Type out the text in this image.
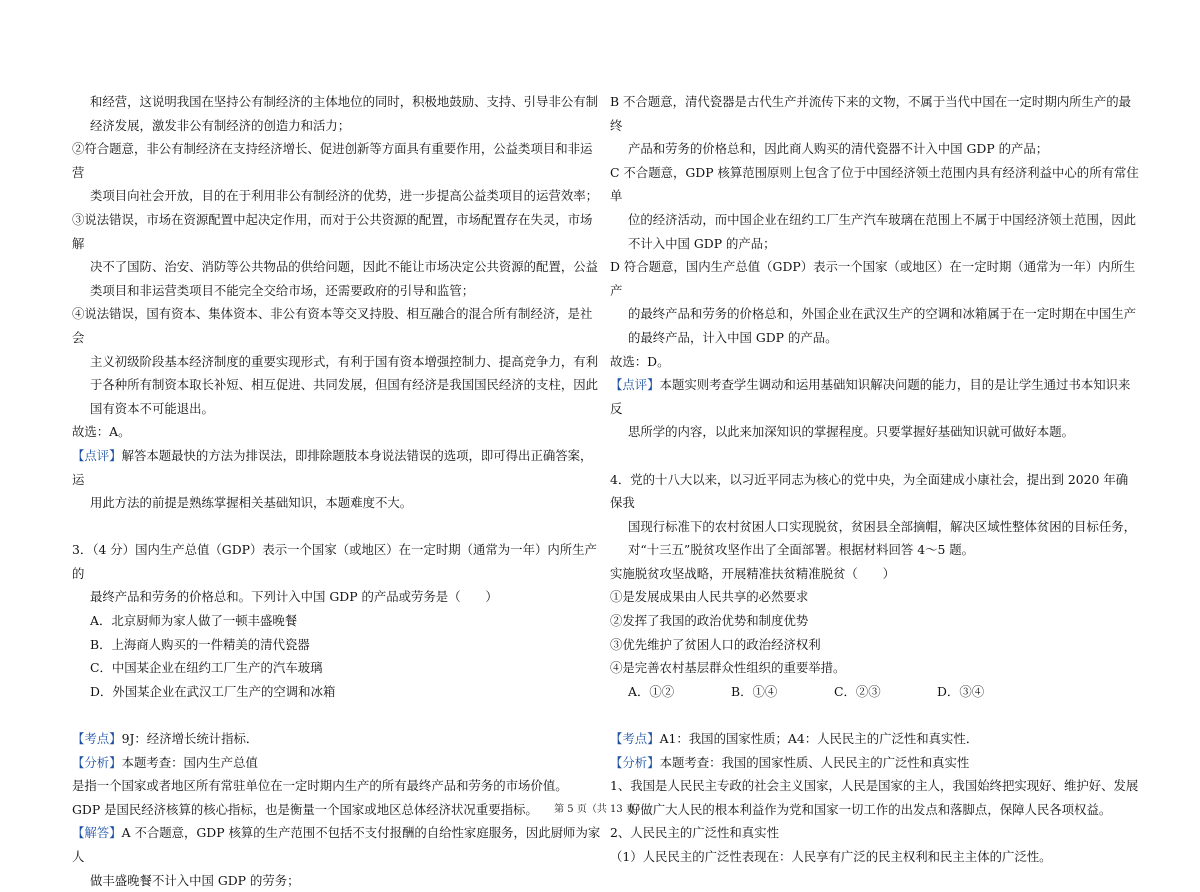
和经营，这说明我国在坚持公有制经济的主体地位的同时，积极地鼓励、支持、引导非公有制

经济发展，激发非公有制经济的创造力和活力；

②符合题意，非公有制经济在支持经济增长、促进创新等方面具有重要作用，公益类项目和非运营

类项目向社会开放，目的在于利用非公有制经济的优势，进一步提高公益类项目的运营效率；

③说法错误，市场在资源配置中起决定作用，而对于公共资源的配置，市场配置存在失灵，市场解

决不了国防、治安、消防等公共物品的供给问题，因此不能让市场决定公共资源的配置，公益

类项目和非运营类项目不能完全交给市场，还需要政府的引导和监管；

④说法错误，国有资本、集体资本、非公有资本等交叉持股、相互融合的混合所有制经济，是社会

主义初级阶段基本经济制度的重要实现形式，有利于国有资本增强控制力、提高竞争力，有利

于各种所有制资本取长补短、相互促进、共同发展，但国有经济是我国国民经济的支柱，因此

国有资本不可能退出。

故选：A。

【点评】解答本题最快的方法为排误法，即排除题肢本身说法错误的选项，即可得出正确答案，运

用此方法的前提是熟练掌握相关基础知识，本题难度不大。

3．（4 分）国内生产总值（GDP）表示一个国家（或地区）在一定时期（通常为一年）内所生产的

最终产品和劳务的价格总和。下列计入中国 GDP 的产品或劳务是（　　）

A．北京厨师为家人做了一顿丰盛晚餐

B．上海商人购买的一件精美的清代瓷器

C．中国某企业在纽约工厂生产的汽车玻璃

D．外国某企业在武汉工厂生产的空调和冰箱

【考点】9J：经济增长统计指标．

【分析】本题考查：国内生产总值

是指一个国家或者地区所有常驻单位在一定时期内生产的所有最终产品和劳务的市场价值。

GDP 是国民经济核算的核心指标，也是衡量一个国家或地区总体经济状况重要指标。

【解答】A 不合题意，GDP 核算的生产范围不包括不支付报酬的自给性家庭服务，因此厨师为家人

做丰盛晚餐不计入中国 GDP 的劳务；

B 不合题意，清代瓷器是古代生产并流传下来的文物，不属于当代中国在一定时期内所生产的最终

产品和劳务的价格总和，因此商人购买的清代瓷器不计入中国 GDP 的产品；

C 不合题意，GDP 核算范围原则上包含了位于中国经济领土范围内具有经济利益中心的所有常住单

位的经济活动，而中国企业在纽约工厂生产汽车玻璃在范围上不属于中国经济领土范围，因此

不计入中国 GDP 的产品；

D 符合题意，国内生产总值（GDP）表示一个国家（或地区）在一定时期（通常为一年）内所生产

的最终产品和劳务的价格总和，外国企业在武汉生产的空调和冰箱属于在一定时期在中国生产

的最终产品，计入中国 GDP 的产品。

故选：D。

【点评】本题实则考查学生调动和运用基础知识解决问题的能力，目的是让学生通过书本知识来反

思所学的内容，以此来加深知识的掌握程度。只要掌握好基础知识就可做好本题。

4．党的十八大以来，以习近平同志为核心的党中央，为全面建成小康社会，提出到 2020 年确保我

国现行标准下的农村贫困人口实现脱贫，贫困县全部摘帽，解决区域性整体贫困的目标任务，

对“十三五”脱贫攻坚作出了全面部署。根据材料回答 4～5 题。

实施脱贫攻坚战略，开展精准扶贫精准脱贫（　　）

①是发展成果由人民共享的必然要求

②发挥了我国的政治优势和制度优势

③优先维护了贫困人口的政治经济权利

④是完善农村基层群众性组织的重要举措。

A．①②	B．①④	C．②③	D．③④

【考点】A1：我国的国家性质；A4：人民民主的广泛性和真实性．

【分析】本题考查：我国的国家性质、人民民主的广泛性和真实性

1、我国是人民民主专政的社会主义国家，人民是国家的主人，我国始终把实现好、维护好、发展

好做广大人民的根本利益作为党和国家一切工作的出发点和落脚点，保障人民各项权益。

2、人民民主的广泛性和真实性

（1）人民民主的广泛性表现在：人民享有广泛的民主权利和民主主体的广泛性。

第 5 页（共 13 页）
